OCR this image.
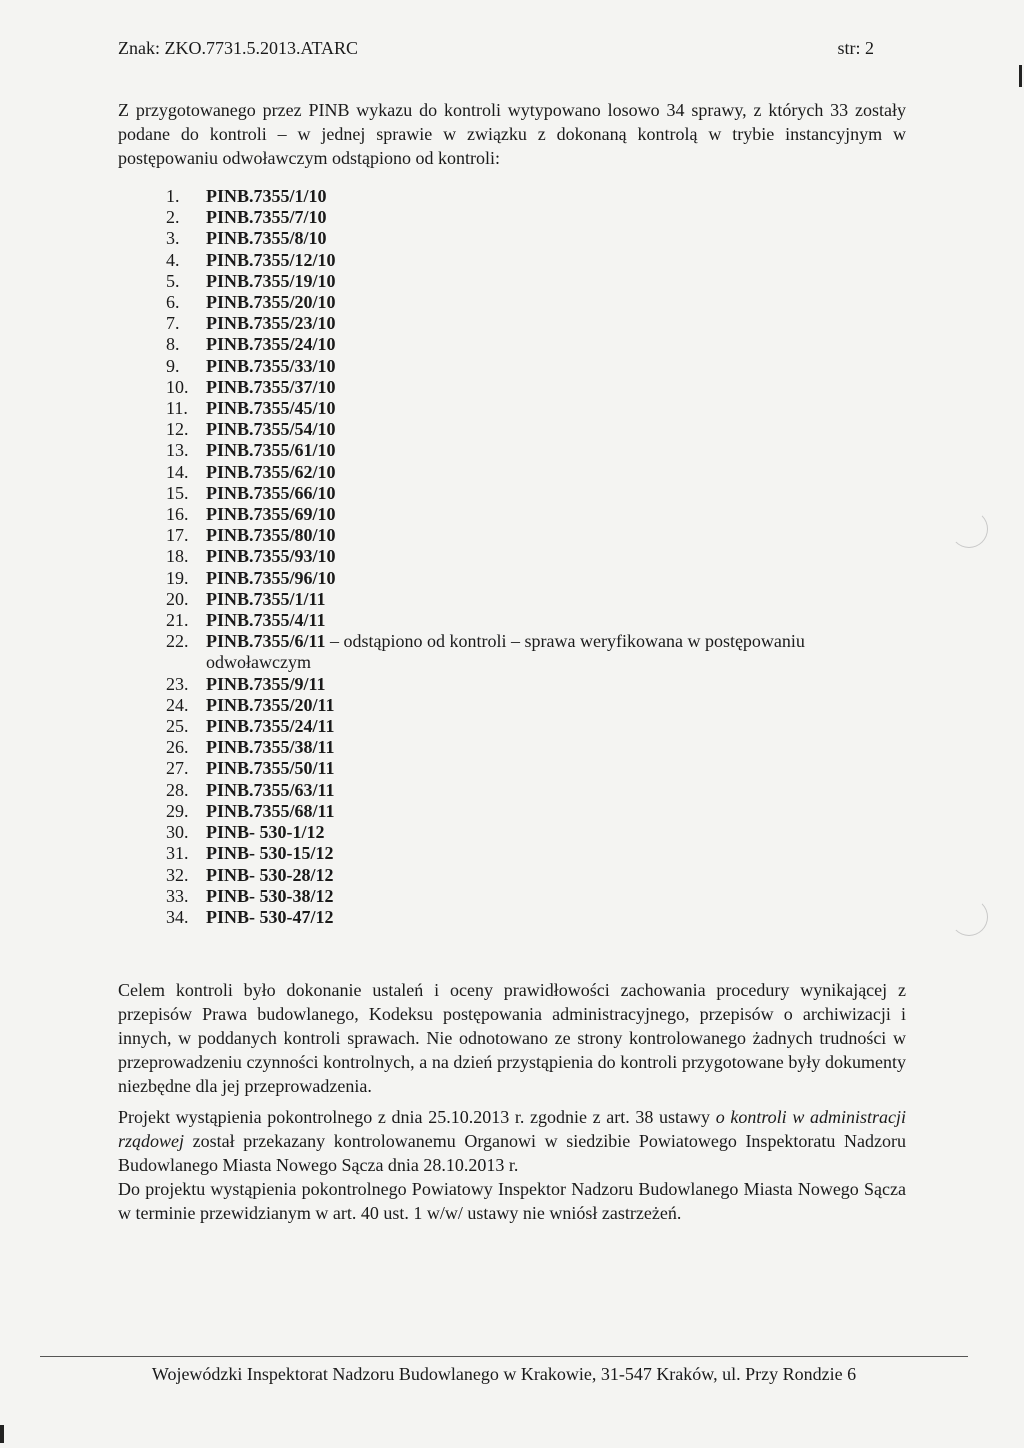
Znak: ZKO.7731.5.2013.ATARC	str: 2
Z przygotowanego przez PINB wykazu do kontroli wytypowano losowo 34 sprawy, z których 33 zostały podane do kontroli – w jednej sprawie w związku z dokonaną kontrolą w trybie instancyjnym w postępowaniu odwoławczym odstąpiono od kontroli:
1.	PINB.7355/1/10
2.	PINB.7355/7/10
3.	PINB.7355/8/10
4.	PINB.7355/12/10
5.	PINB.7355/19/10
6.	PINB.7355/20/10
7.	PINB.7355/23/10
8.	PINB.7355/24/10
9.	PINB.7355/33/10
10. PINB.7355/37/10
11.	PINB.7355/45/10
12. PINB.7355/54/10
13. PINB.7355/61/10
14. PINB.7355/62/10
15. PINB.7355/66/10
16. PINB.7355/69/10
17. PINB.7355/80/10
18. PINB.7355/93/10
19. PINB.7355/96/10
20. PINB.7355/1/11
21. PINB.7355/4/11
22. PINB.7355/6/11 – odstąpiono od kontroli – sprawa weryfikowana w postępowaniu
odwoławczym
23. PINB.7355/9/11
24. PINB.7355/20/11
25. PINB.7355/24/11
26. PINB.7355/38/11
27. PINB.7355/50/11
28. PINB.7355/63/11
29. PINB.7355/68/11
30. PINB- 530-1/12
31. PINB- 530-15/12
32. PINB- 530-28/12
33. PINB- 530-38/12
34. PINB- 530-47/12
Celem kontroli było dokonanie ustaleń i oceny prawidłowości zachowania procedury wynikającej z przepisów Prawa budowlanego, Kodeksu postępowania administracyjnego, przepisów o archiwizacji i innych, w poddanych kontroli sprawach. Nie odnotowano ze strony kontrolowanego żadnych trudności w przeprowadzeniu czynności kontrolnych, a na dzień przystąpienia do kontroli przygotowane były dokumenty niezbędne dla jej przeprowadzenia.
Projekt wystąpienia pokontrolnego z dnia 25.10.2013 r. zgodnie z art. 38 ustawy o kontroli w administracji rządowej został przekazany kontrolowanemu Organowi w siedzibie Powiatowego Inspektoratu Nadzoru Budowlanego Miasta Nowego Sącza dnia 28.10.2013 r.
Do projektu wystąpienia pokontrolnego Powiatowy Inspektor Nadzoru Budowlanego Miasta Nowego Sącza w terminie przewidzianym w art. 40 ust. 1 w/w/ ustawy nie wniósł zastrzeżeń.
Wojewódzki Inspektorat Nadzoru Budowlanego w Krakowie, 31-547 Kraków, ul. Przy Rondzie 6
